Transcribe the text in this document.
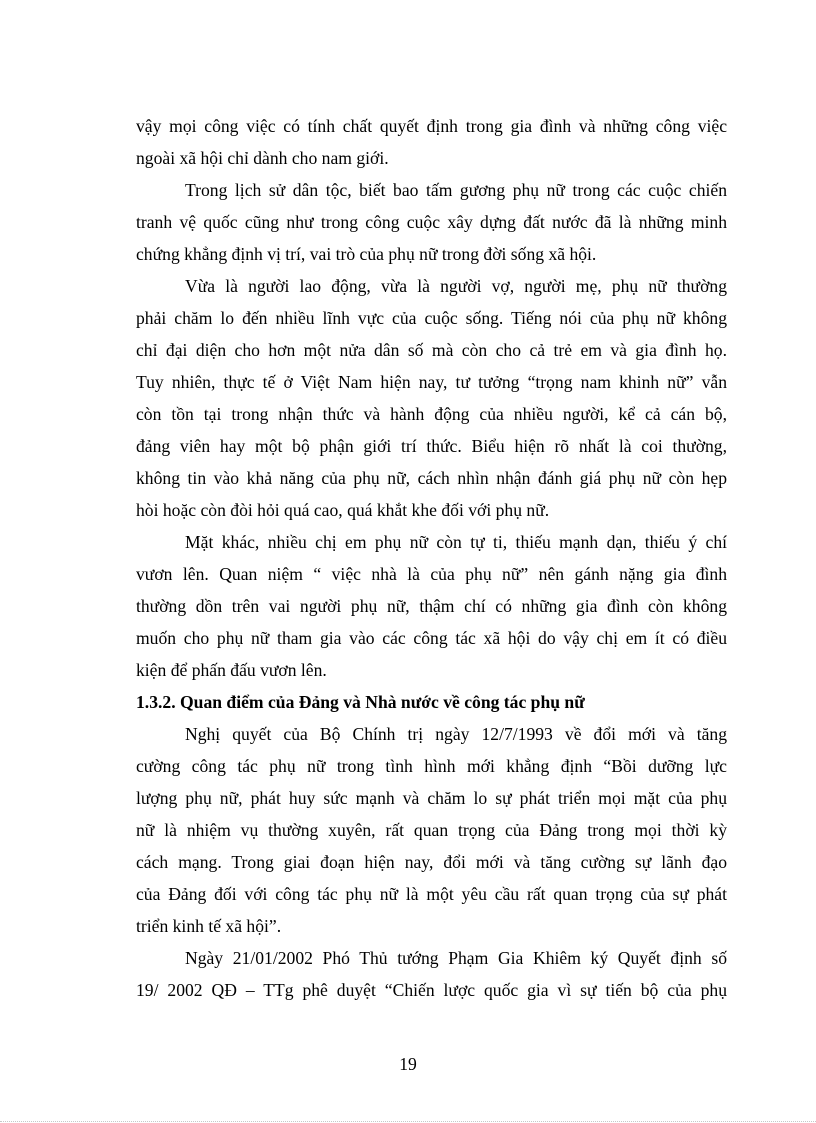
vậy mọi công việc có tính chất quyết định trong gia đình và những công việc
ngoài xã hội chỉ dành cho nam giới.
Trong lịch sử dân tộc, biết bao tấm gương phụ nữ trong các cuộc chiến
tranh vệ quốc cũng như trong công cuộc xây dựng đất nước đã là những minh
chứng khẳng định vị trí, vai trò của phụ nữ trong đời sống xã hội.
Vừa là người lao động, vừa là người vợ, người mẹ, phụ nữ thường
phải chăm lo đến nhiều lĩnh vực của cuộc sống. Tiếng nói của phụ nữ không
chỉ đại diện cho hơn một nửa dân số mà còn cho cả trẻ em và gia đình họ.
Tuy nhiên, thực tế ở Việt Nam hiện nay, tư tưởng “trọng nam khinh nữ” vẫn
còn tồn tại trong nhận thức và hành động của nhiều người, kể cả cán bộ,
đảng viên hay một bộ phận giới trí thức. Biểu hiện rõ nhất là coi thường,
không tin vào khả năng của phụ nữ, cách nhìn nhận đánh giá phụ nữ còn hẹp
hòi hoặc còn đòi hỏi quá cao, quá khắt khe đối với phụ nữ.
Mặt khác, nhiều chị em phụ nữ còn tự ti, thiếu mạnh dạn, thiếu ý chí
vươn lên. Quan niệm “ việc nhà là của phụ nữ” nên gánh nặng gia đình
thường dồn trên vai người phụ nữ, thậm chí có những gia đình còn không
muốn cho phụ nữ tham gia vào các công tác xã hội do vậy chị em ít có điều
kiện để phấn đấu vươn lên.
1.3.2. Quan điểm của Đảng và Nhà nước về công tác phụ nữ
Nghị quyết của Bộ Chính trị ngày 12/7/1993 về đổi mới và tăng
cường công tác phụ nữ trong tình hình mới khẳng định “Bồi dưỡng lực
lượng phụ nữ, phát huy sức mạnh và chăm lo sự phát triển mọi mặt của phụ
nữ là nhiệm vụ thường xuyên, rất quan trọng của Đảng trong mọi thời kỳ
cách mạng. Trong giai đoạn hiện nay, đổi mới và tăng cường sự lãnh đạo
của Đảng đối với công tác phụ nữ là một yêu cầu rất quan trọng của sự phát
triển kinh tế xã hội”.
Ngày 21/01/2002 Phó Thủ tướng Phạm Gia Khiêm ký Quyết định số
19/ 2002 QĐ – TTg phê duyệt “Chiến lược quốc gia vì sự tiến bộ của phụ
19
